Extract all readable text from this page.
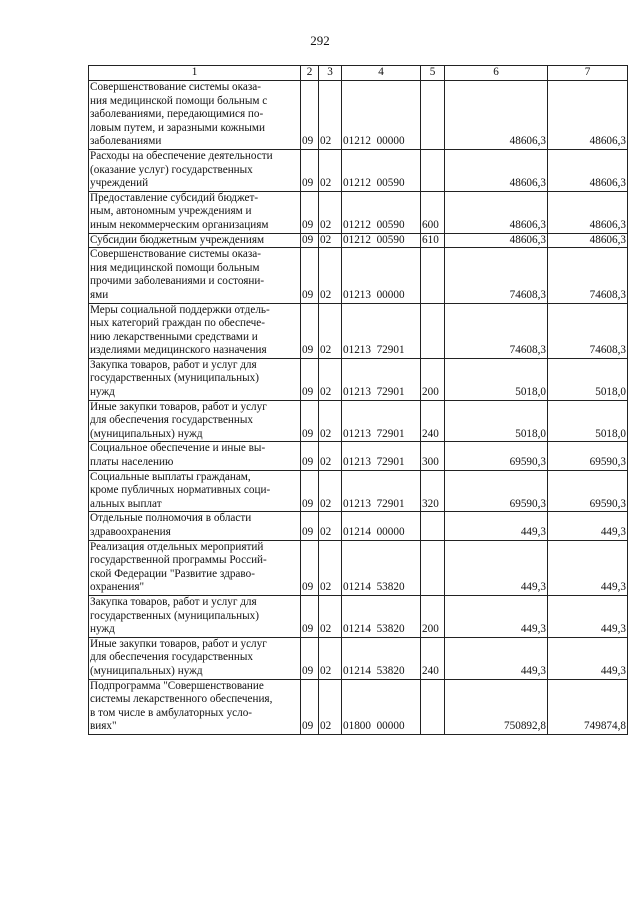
292
1	2	3	4	5	6	7
Совершенствование системы оказа-
ния медицинской помощи больным с
заболеваниями, передающимися по-
ловым путем, и заразными кожными
заболеваниями	09	02	01212  00000		48606,3	48606,3
Расходы на обеспечение деятельности
(оказание услуг) государственных
учреждений	09	02	01212  00590		48606,3	48606,3
Предоставление субсидий бюджет-
ным, автономным учреждениям и
иным некоммерческим организациям	09	02	01212  00590	600	48606,3	48606,3
Субсидии бюджетным учреждениям	09	02	01212  00590	610	48606,3	48606,3
Совершенствование системы оказа-
ния медицинской помощи больным
прочими заболеваниями и состояни-
ями	09	02	01213  00000		74608,3	74608,3
Меры социальной поддержки отдель-
ных категорий граждан по обеспече-
нию лекарственными средствами и
изделиями медицинского назначения	09	02	01213  72901		74608,3	74608,3
Закупка товаров, работ и услуг для
государственных (муниципальных)
нужд	09	02	01213  72901	200	5018,0	5018,0
Иные закупки товаров, работ и услуг
для обеспечения государственных
(муниципальных) нужд	09	02	01213  72901	240	5018,0	5018,0
Социальное обеспечение и иные вы-
платы населению	09	02	01213  72901	300	69590,3	69590,3
Социальные выплаты гражданам,
кроме публичных нормативных соци-
альных выплат	09	02	01213  72901	320	69590,3	69590,3
Отдельные полномочия в области
здравоохранения	09	02	01214  00000		449,3	449,3
Реализация отдельных мероприятий
государственной программы Россий-
ской Федерации "Развитие здраво-
охранения"	09	02	01214  53820		449,3	449,3
Закупка товаров, работ и услуг для
государственных (муниципальных)
нужд	09	02	01214  53820	200	449,3	449,3
Иные закупки товаров, работ и услуг
для обеспечения государственных
(муниципальных) нужд	09	02	01214  53820	240	449,3	449,3
Подпрограмма "Совершенствование
системы лекарственного обеспечения,
в том числе в амбулаторных усло-
виях"	09	02	01800  00000		750892,8	749874,8
